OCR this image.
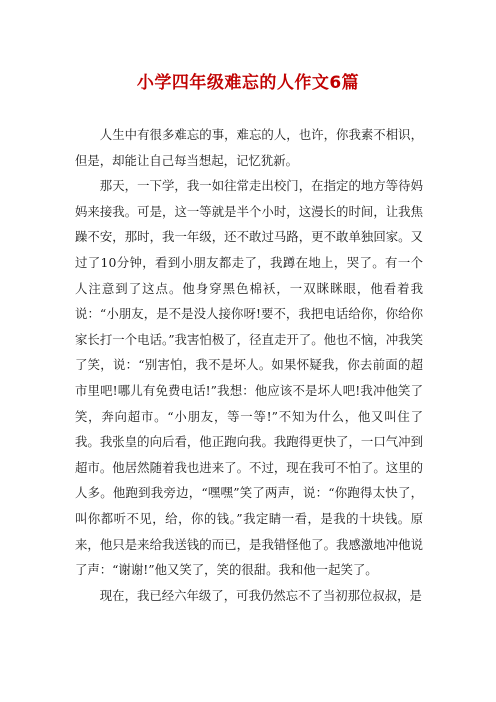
小学四年级难忘的人作文6篇

人生中有很多难忘的事，难忘的人，也许，你我素不相识，但是，却能让自己每当想起，记忆犹新。

那天，一下学，我一如往常走出校门，在指定的地方等待妈妈来接我。可是，这一等就是半个小时，这漫长的时间，让我焦躁不安，那时，我一年级，还不敢过马路，更不敢单独回家。又过了10分钟，看到小朋友都走了，我蹲在地上，哭了。有一个人注意到了这点。他身穿黑色棉袄，一双眯眯眼，他看着我说：“小朋友，是不是没人接你呀!要不，我把电话给你，你给你家长打一个电话。”我害怕极了，径直走开了。他也不恼，冲我笑了笑，说：“别害怕，我不是坏人。如果怀疑我，你去前面的超市里吧!哪儿有免费电话!”我想：他应该不是坏人吧!我冲他笑了笑，奔向超市。“小朋友，等一等!”不知为什么，他又叫住了我。我张皇的向后看，他正跑向我。我跑得更快了，一口气冲到超市。他居然随着我也进来了。不过，现在我可不怕了。这里的人多。他跑到我旁边，“嘿嘿”笑了两声，说：“你跑得太快了，叫你都听不见，给，你的钱。”我定睛一看，是我的十块钱。原来，他只是来给我送钱的而已，是我错怪他了。我感激地冲他说了声：“谢谢!”他又笑了，笑的很甜。我和他一起笑了。

现在，我已经六年级了，可我仍然忘不了当初那位叔叔，是
